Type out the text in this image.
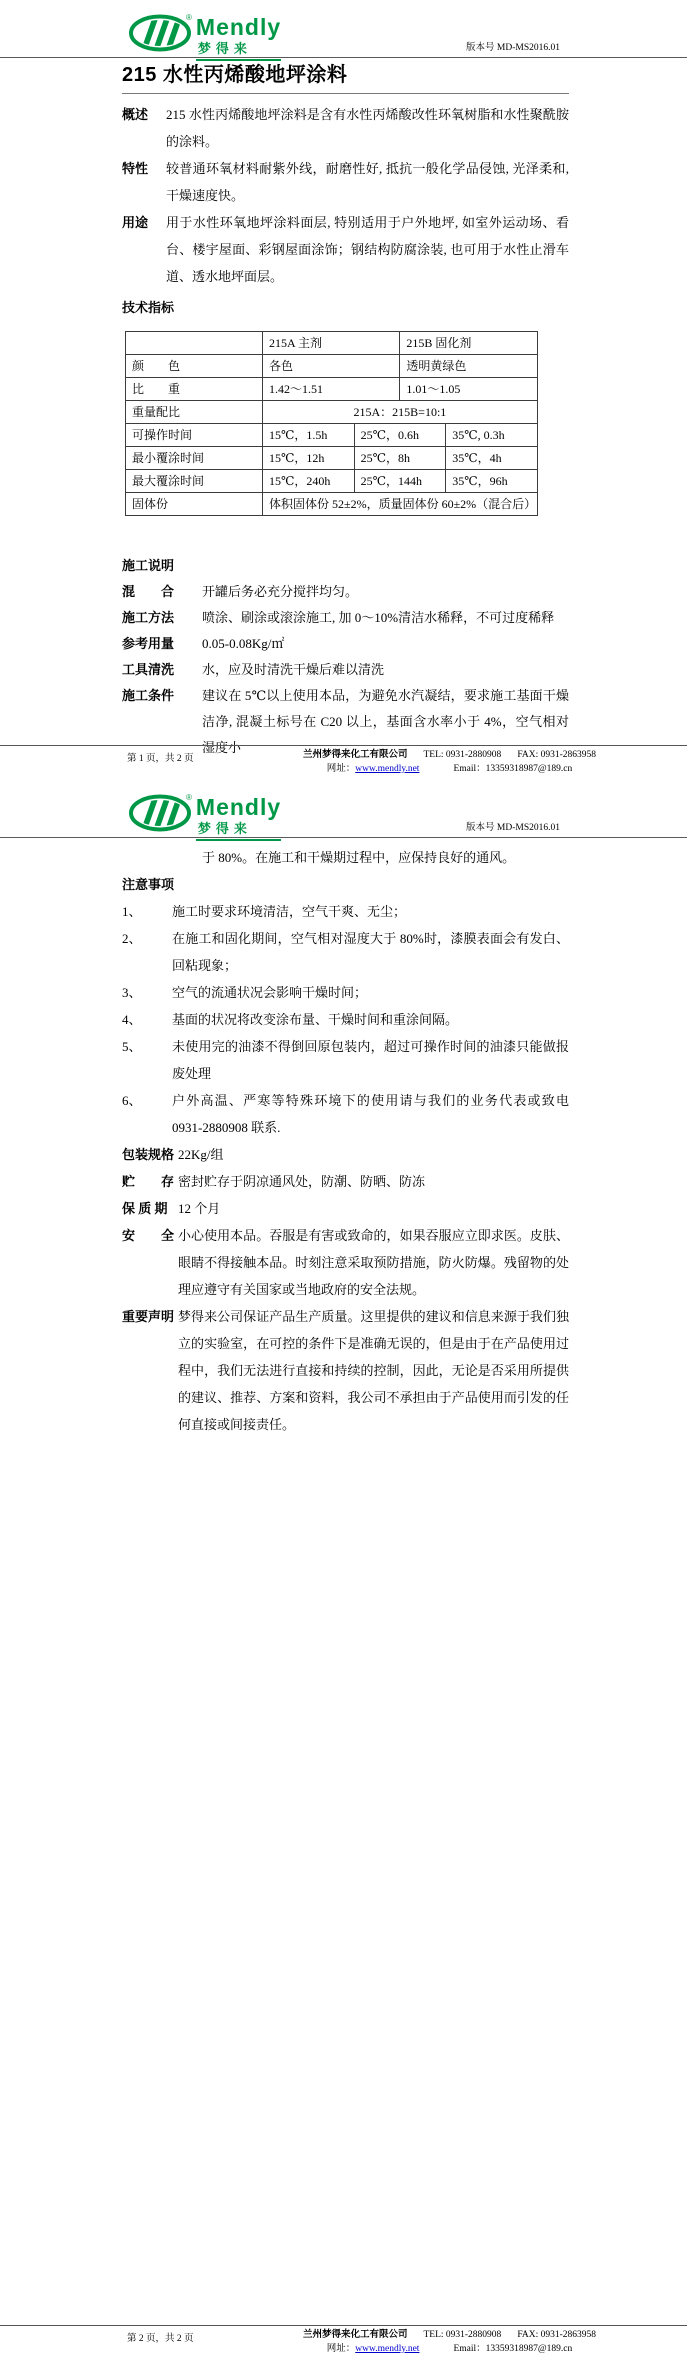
® Mendly
梦得来	版本号 MD-MS2016.01
215 水性丙烯酸地坪涂料
概述	215 水性丙烯酸地坪涂料是含有水性丙烯酸改性环氧树脂和水性聚酰胺的涂料。

特性	较普通环氧材料耐紫外线，耐磨性好, 抵抗一般化学品侵蚀, 光泽柔和, 干燥速度快。

用途	用于水性环氧地坪涂料面层, 特别适用于户外地坪, 如室外运动场、看台、楼宇屋面、彩钢屋面涂饰；钢结构防腐涂装, 也可用于水性止滑车道、透水地坪面层。

技术指标
	215A 主剂		215B 固化剂	
颜　　色	各色		透明黄绿色	
比　　重	1.42～1.51		1.01～1.05	
重量配比	215A：215B=10:1			
可操作时间	15℃，1.5h	25℃，0.6h		35℃, 0.3h
最小覆涂时间	15℃，12h	25℃，8h		35℃，4h
最大覆涂时间	15℃，240h	25℃，144h		35℃，96h
固体份	体积固体份 52±2%，质量固体份 60±2%（混合后）			
施工说明
混　　合	开罐后务必充分搅拌均匀。

施工方法	喷涂、刷涂或滚涂施工, 加 0～10%清洁水稀释，不可过度稀释

参考用量	0.05-0.08Kg/㎡

工具清洗	水，应及时清洗干燥后难以清洗

施工条件	建议在 5℃以上使用本品，为避免水汽凝结，要求施工基面干燥洁净, 混凝土标号在 C20 以上，基面含水率小于 4%，空气相对湿度小

第 1 页，共 2 页	兰州梦得来化工有限公司 TEL: 0931-2880908 FAX: 0931-2863958
网址：www.mendly.net	Email：13359318987@189.cn
® Mendly
梦得来	版本号 MD-MS2016.01

于 80%。在施工和干燥期过程中，应保持良好的通风。

注意事项
1、	施工时要求环境清洁，空气干爽、无尘；

2、	在施工和固化期间，空气相对湿度大于 80%时，漆膜表面会有发白、回粘现象；

3、	空气的流通状况会影响干燥时间；

4、	基面的状况将改变涂布量、干燥时间和重涂间隔。

5、	未使用完的油漆不得倒回原包装内，超过可操作时间的油漆只能做报废处理

6、	户外高温、严寒等特殊环境下的使用请与我们的业务代表或致电 0931-2880908 联系.

包装规格 22Kg/组

贮　　存 密封贮存于阴凉通风处，防潮、防晒、防冻

保 质 期 12 个月

安　　全 小心使用本品。吞服是有害或致命的，如果吞服应立即求医。皮肤、眼睛不得接触本品。时刻注意采取预防措施，防火防爆。残留物的处理应遵守有关国家或当地政府的安全法规。

重要声明 梦得来公司保证产品生产质量。这里提供的建议和信息来源于我们独立的实验室，在可控的条件下是准确无误的，但是由于在产品使用过程中，我们无法进行直接和持续的控制，因此，无论是否采用所提供的建议、推荐、方案和资料，我公司不承担由于产品使用而引发的任何直接或间接责任。

第 2 页，共 2 页	兰州梦得来化工有限公司 TEL: 0931-2880908 FAX: 0931-2863958
网址：www.mendly.net	Email：13359318987@189.cn
